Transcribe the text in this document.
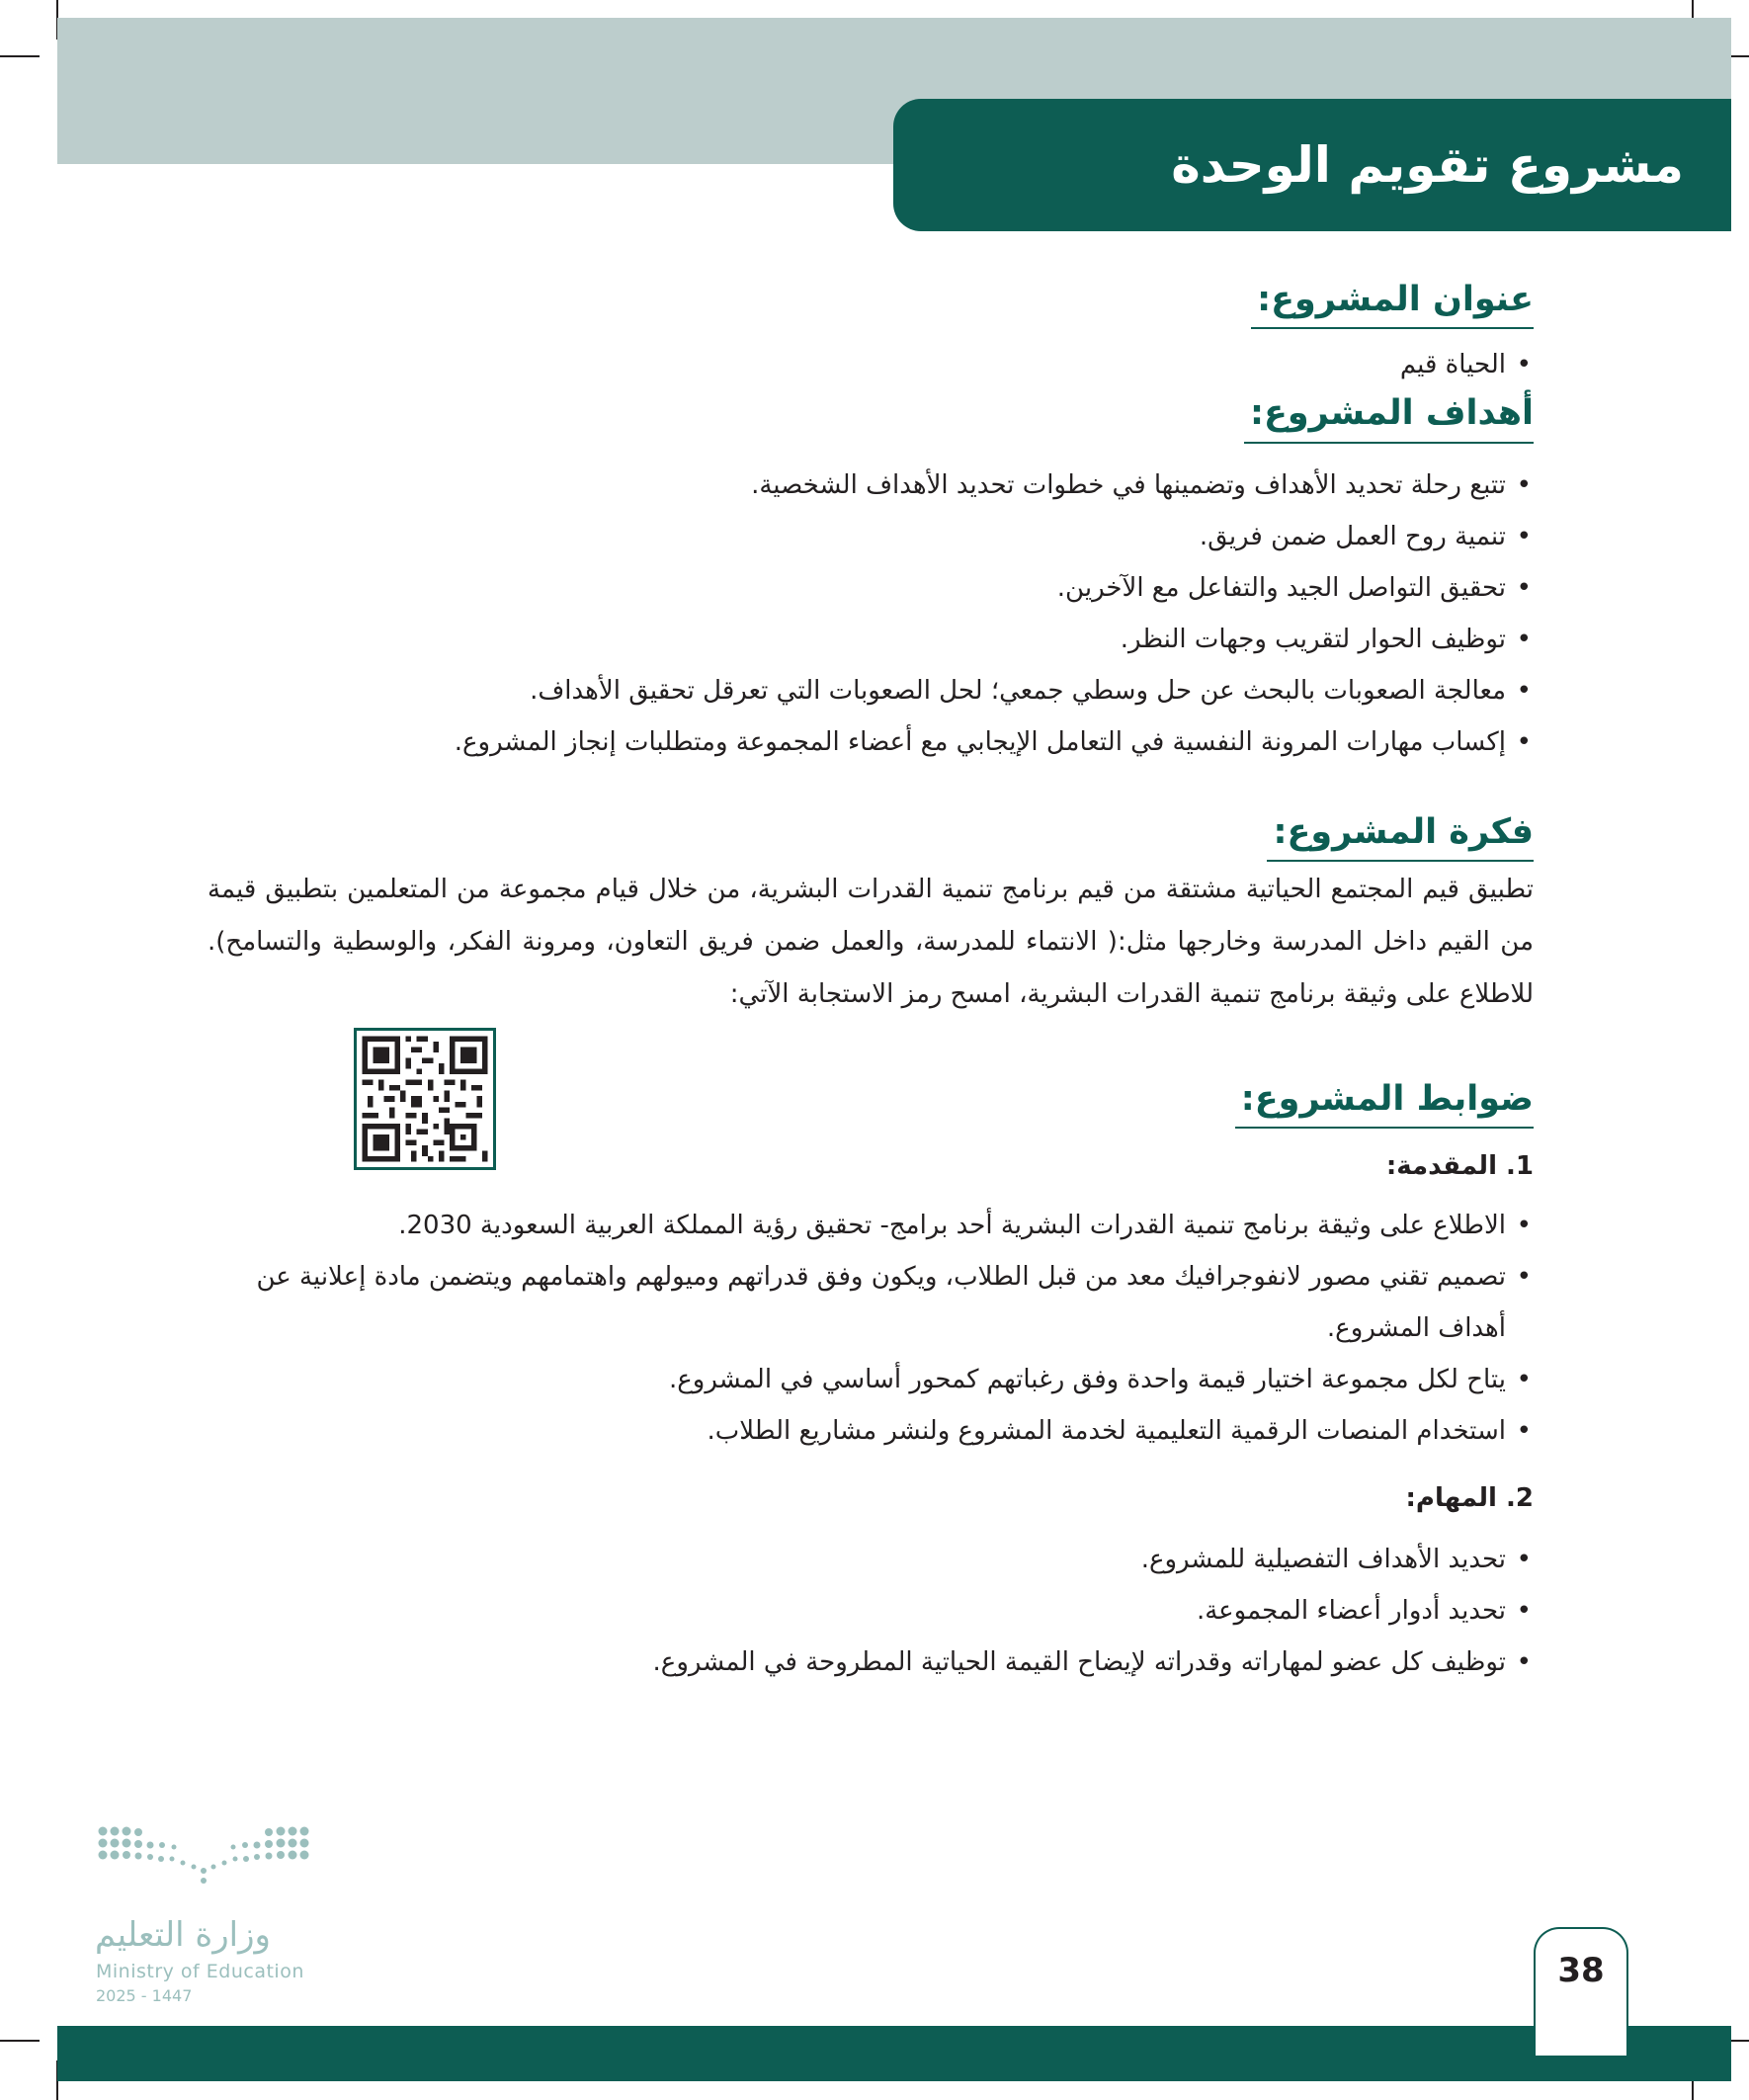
مشروع تقويم الوحدة
عنوان المشروع:
• الحياة قيم
أهداف المشروع:
• تتبع رحلة تحديد الأهداف وتضمينها في خطوات تحديد الأهداف الشخصية.
• تنمية روح العمل ضمن فريق.
• تحقيق التواصل الجيد والتفاعل مع الآخرين.
• توظيف الحوار لتقريب وجهات النظر.
• معالجة الصعوبات بالبحث عن حل وسطي جمعي؛ لحل الصعوبات التي تعرقل تحقيق الأهداف.
• إكساب مهارات المرونة النفسية في التعامل الإيجابي مع أعضاء المجموعة ومتطلبات إنجاز المشروع.
فكرة المشروع:

تطبيق قيم المجتمع الحياتية مشتقة من قيم برنامج تنمية القدرات البشرية، من خلال قيام مجموعة من المتعلمين بتطبيق قيمة من القيم داخل المدرسة وخارجها مثل:( الانتماء للمدرسة، والعمل ضمن فريق التعاون، ومرونة الفكر، والوسطية والتسامح). للاطلاع على وثيقة برنامج تنمية القدرات البشرية، امسح رمز الاستجابة الآتي:

ضوابط المشروع:

1. المقدمة:

• الاطلاع على وثيقة برنامج تنمية القدرات البشرية أحد برامج- تحقيق رؤية المملكة العربية السعودية 2030.
• تصميم تقني مصور لانفوجرافيك معد من قبل الطلاب، ويكون وفق قدراتهم وميولهم واهتمامهم ويتضمن مادة إعلانية عن أهداف المشروع.
• يتاح لكل مجموعة اختيار قيمة واحدة وفق رغباتهم كمحور أساسي في المشروع.
• استخدام المنصات الرقمية التعليمية لخدمة المشروع ولنشر مشاريع الطلاب.

2. المهام:

• تحديد الأهداف التفصيلية للمشروع.
• تحديد أدوار أعضاء المجموعة.
• توظيف كل عضو لمهاراته وقدراته لإيضاح القيمة الحياتية المطروحة في المشروع.
وزارة التعليم
Ministry of Education
2025 - 1447
38
